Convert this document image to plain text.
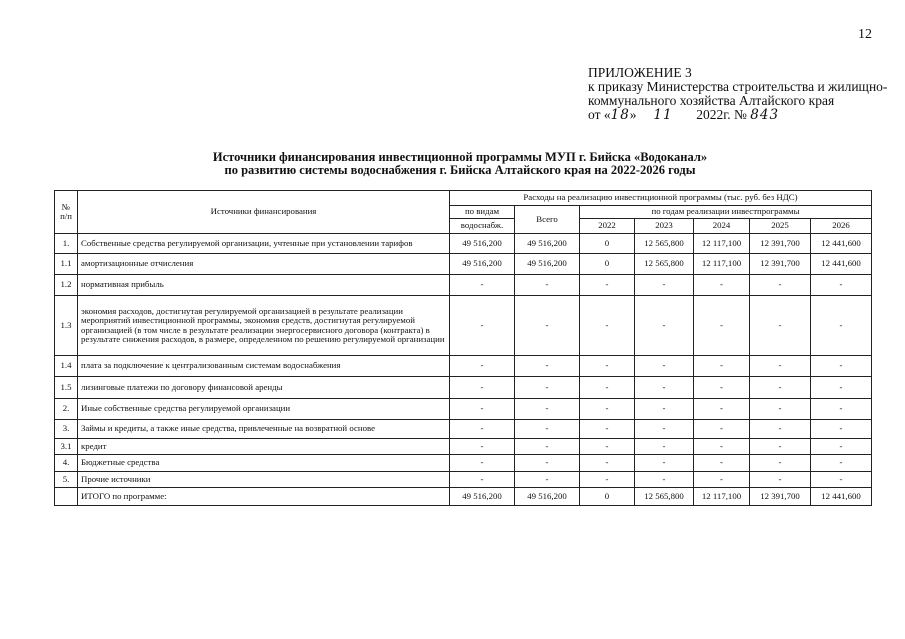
12
ПРИЛОЖЕНИЕ 3
к приказу Министерства строительства и жилищно-
коммунального хозяйства Алтайского края
от «18» 11 2022г. № 843
Источники финансирования инвестиционной программы МУП г. Бийска «Водоканал»
по развитию системы водоснабжения г. Бийска Алтайского края на 2022-2026 годы
№ п/п	Источники финансирования	Расходы на реализацию инвестиционной программы (тыс. руб. без НДС)						
		по видам	Всего	по годам реализации инвестпрограммы				
		водоснабж.		2022	2023	2024	2025	2026
1.	Собственные средства регулируемой организации, учтенные при установлении тарифов	49 516,200	49 516,200	0	12 565,800	12 117,100	12 391,700	12 441,600
1.1	амортизационные отчисления	49 516,200	49 516,200	0	12 565,800	12 117,100	12 391,700	12 441,600
1.2	нормативная прибыль	-	-	-	-	-	-	-
1.3	экономия расходов, достигнутая регулируемой организацией в результате реализации мероприятий инвестиционной программы, экономия средств, достигнутая регулируемой организацией (в том числе в результате реализации энергосервисного договора (контракта) в результате снижения расходов, в размере, определенном по решению регулируемой организации	-	-	-	-	-	-	-
1.4	плата за подключение к централизованным системам водоснабжения	-	-	-	-	-	-	-
1.5	лизинговые платежи по договору финансовой аренды	-	-	-	-	-	-	-
2.	Иные собственные средства регулируемой организации	-	-	-	-	-	-	-
3.	Займы и кредиты, а также иные средства, привлеченные на возвратной основе	-	-	-	-	-	-	-
3.1	кредит	-	-	-	-	-	-	-
4.	Бюджетные средства	-	-	-	-	-	-	-
5.	Прочие источники	-	-	-	-	-	-	-
	ИТОГО по программе:	49 516,200	49 516,200	0	12 565,800	12 117,100	12 391,700	12 441,600
